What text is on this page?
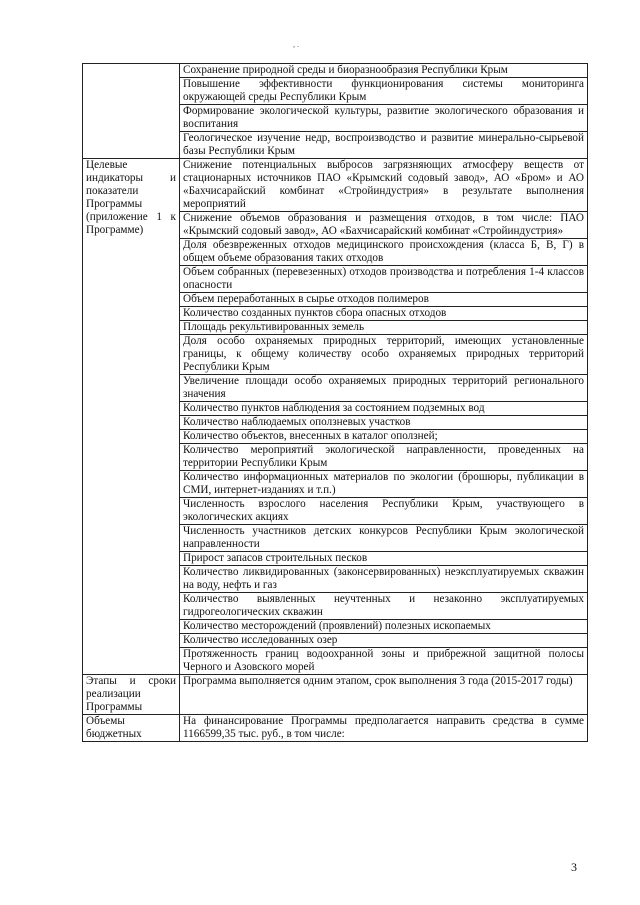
, .
	Сохранение природной среды и биоразнообразия Республики Крым
	Повышение эффективности функционирования системы мониторинга окружающей среды Республики Крым
	Формирование экологической культуры, развитие экологического образования и воспитания
	Геологическое изучение недр, воспроизводство и развитие минерально-сырьевой базы Республики Крым
Целевые индикаторы и показатели Программы (приложение 1 к Программе)	Снижение потенциальных выбросов загрязняющих атмосферу веществ от стационарных источников ПАО «Крымский содовый завод», АО «Бром» и АО «Бахчисарайский комбинат «Стройиндустрия» в результате выполнения мероприятий
	Снижение объемов образования и размещения отходов, в том числе: ПАО «Крымский содовый завод», АО «Бахчисарайский комбинат «Стройиндустрия»
	Доля обезвреженных отходов медицинского происхождения (класса Б, В, Г) в общем объеме образования таких отходов
	Объем собранных (перевезенных) отходов производства и потребления 1-4 классов опасности
	Объем переработанных в сырье отходов полимеров
	Количество созданных пунктов сбора опасных отходов
	Площадь рекультивированных земель
	Доля особо охраняемых природных территорий, имеющих установленные границы, к общему количеству особо охраняемых природных территорий Республики Крым
	Увеличение площади особо охраняемых природных территорий регионального значения
	Количество пунктов наблюдения за состоянием подземных вод
	Количество наблюдаемых оползневых участков
	Количество объектов, внесенных в каталог оползней;
	Количество мероприятий экологической направленности, проведенных на территории Республики Крым
	Количество информационных материалов по экологии (брошюры, публикации в СМИ, интернет-изданиях и т.п.)
	Численность взрослого населения Республики Крым, участвующего в экологических акциях
	Численность участников детских конкурсов Республики Крым экологической направленности
	Прирост запасов строительных песков
	Количество ликвидированных (законсервированных) неэксплуатируемых скважин на воду, нефть и газ
	Количество выявленных неучтенных и незаконно эксплуатируемых гидрогеологических скважин
	Количество месторождений (проявлений) полезных ископаемых
	Количество исследованных озер
	Протяженность границ водоохранной зоны и прибрежной защитной полосы Черного и Азовского морей
Этапы и сроки реализации Программы	Программа выполняется одним этапом, срок выполнения 3 года (2015-2017 годы)
Объемы бюджетных	На финансирование Программы предполагается направить средства в сумме 1166599,35 тыс. руб., в том числе:
3
